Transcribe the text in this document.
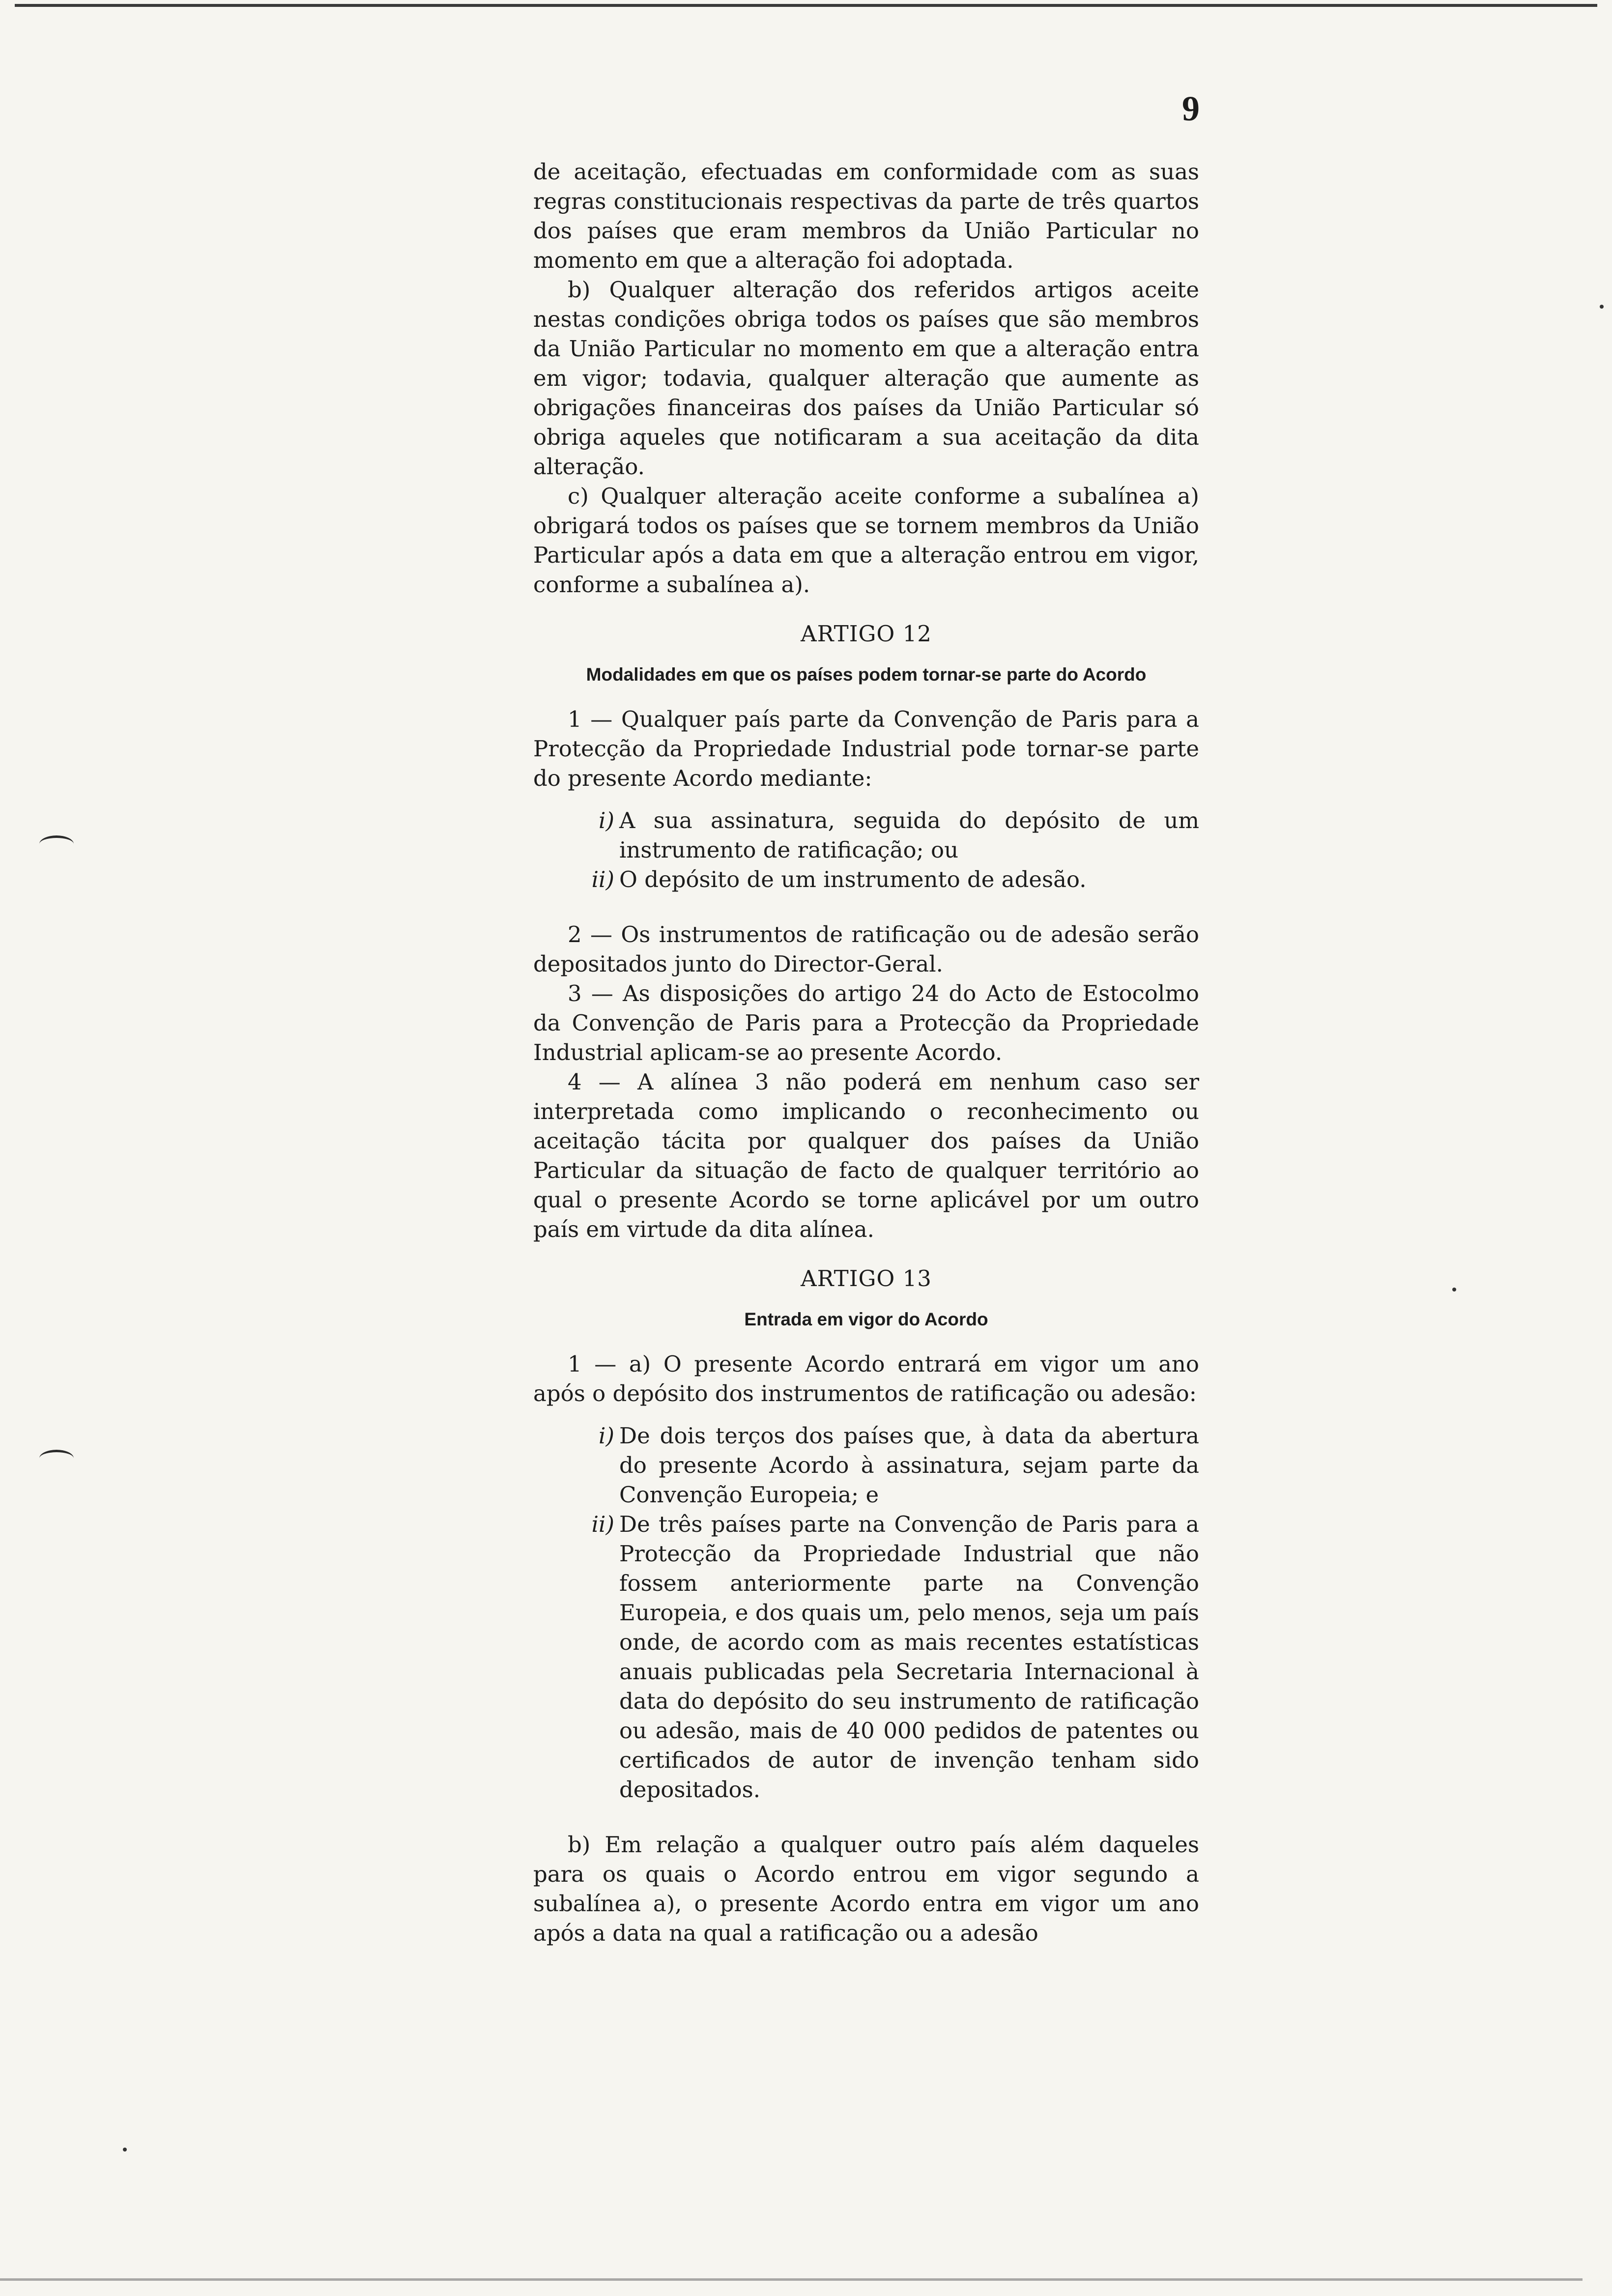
9

de aceitação, efectuadas em conformidade com as suas regras constitucionais respectivas da parte de três quartos dos países que eram membros da União Particular no momento em que a alteração foi adoptada.

b) Qualquer alteração dos referidos artigos aceite nestas condições obriga todos os países que são membros da União Particular no momento em que a alteração entra em vigor; todavia, qualquer alteração que aumente as obrigações financeiras dos países da União Particular só obriga aqueles que notificaram a sua aceitação da dita alteração.

c) Qualquer alteração aceite conforme a subalínea a) obrigará todos os países que se tornem membros da União Particular após a data em que a alteração entrou em vigor, conforme a subalínea a).

ARTIGO 12
Modalidades em que os países podem tornar-se parte do Acordo

1 — Qualquer país parte da Convenção de Paris para a Protecção da Propriedade Industrial pode tornar-se parte do presente Acordo mediante:

i) A sua assinatura, seguida do depósito de um instrumento de ratificação; ou
ii) O depósito de um instrumento de adesão.

2 — Os instrumentos de ratificação ou de adesão serão depositados junto do Director-Geral.

3 — As disposições do artigo 24 do Acto de Estocolmo da Convenção de Paris para a Protecção da Propriedade Industrial aplicam-se ao presente Acordo.

4 — A alínea 3 não poderá em nenhum caso ser interpretada como implicando o reconhecimento ou aceitação tácita por qualquer dos países da União Particular da situação de facto de qualquer território ao qual o presente Acordo se torne aplicável por um outro país em virtude da dita alínea.

ARTIGO 13
Entrada em vigor do Acordo

1 — a) O presente Acordo entrará em vigor um ano após o depósito dos instrumentos de ratificação ou adesão:

i) De dois terços dos países que, à data da abertura do presente Acordo à assinatura, sejam parte da Convenção Europeia; e
ii) De três países parte na Convenção de Paris para a Protecção da Propriedade Industrial que não fossem anteriormente parte na Convenção Europeia, e dos quais um, pelo menos, seja um país onde, de acordo com as mais recentes estatísticas anuais publicadas pela Secretaria Internacional à data do depósito do seu instrumento de ratificação ou adesão, mais de 40 000 pedidos de patentes ou certificados de autor de invenção tenham sido depositados.

b) Em relação a qualquer outro país além daqueles para os quais o Acordo entrou em vigor segundo a subalínea a), o presente Acordo entra em vigor um ano após a data na qual a ratificação ou a adesão
